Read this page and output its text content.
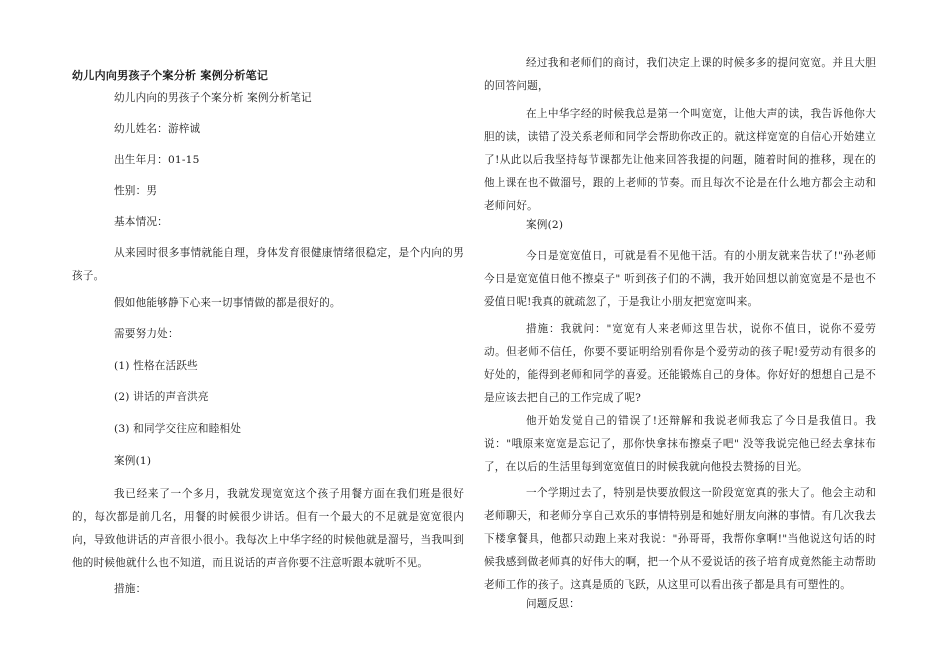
幼儿内向男孩子个案分析 案例分析笔记
幼儿内向的男孩子个案分析 案例分析笔记
幼儿姓名：游梓诚
出生年月：01-15
性别：男
基本情况：
从来园时很多事情就能自理，身体发育很健康情绪很稳定，是个内向的男孩子。
假如他能够静下心来一切事情做的都是很好的。
需要努力处：
(1) 性格在活跃些
(2) 讲话的声音洪亮
(3) 和同学交往应和睦相处
案例(1)
我已经来了一个多月，我就发现宽宽这个孩子用餐方面在我们班是很好的，每次都是前几名，用餐的时候很少讲话。但有一个最大的不足就是宽宽很内向，导致他讲话的声音很小很小。我每次上中华字经的时候他就是溜号，当我叫到他的时候他就什么也不知道，而且说话的声音你要不注意听跟本就听不见。
措施：
经过我和老师们的商讨，我们决定上课的时候多多的提问宽宽。并且大胆的回答问题，
在上中华字经的时候我总是第一个叫宽宽，让他大声的读，我告诉他你大胆的读，读错了没关系老师和同学会帮助你改正的。就这样宽宽的自信心开始建立了!从此以后我坚持每节课都先让他来回答我提的问题，随着时间的推移，现在的他上课在也不做溜号，跟的上老师的节奏。而且每次不论是在什么地方都会主动和老师问好。
案例(2)
今日是宽宽值日，可就是看不见他干活。有的小朋友就来告状了!"孙老师今日是宽宽值日他不擦桌子" 听到孩子们的不满，我开始回想以前宽宽是不是也不爱值日呢!我真的就疏忽了，于是我让小朋友把宽宽叫来。
措施：我就问："宽宽有人来老师这里告状，说你不值日，说你不爱劳动。但老师不信任，你要不要证明给别看你是个爱劳动的孩子呢!爱劳动有很多的好处的，能得到老师和同学的喜爱。还能锻炼自己的身体。你好好的想想自己是不是应该去把自己的工作完成了呢?
他开始发觉自己的错误了!还辩解和我说老师我忘了今日是我值日。我说："哦原来宽宽是忘记了，那你快拿抹布擦桌子吧" 没等我说完他已经去拿抹布了，在以后的生活里每到宽宽值日的时候我就向他投去赞扬的目光。
一个学期过去了，特别是快要放假这一阶段宽宽真的张大了。他会主动和老师聊天，和老师分享自己欢乐的事情特别是和她好朋友向淋的事情。有几次我去下楼拿餐具，他都只动跑上来对我说："孙哥哥，我帮你拿啊!"当他说这句话的时候我感到做老师真的好伟大的啊，把一个从不爱说话的孩子培育成竟然能主动帮助老师工作的孩子。这真是质的飞跃，从这里可以看出孩子都是具有可塑性的。
问题反思：
